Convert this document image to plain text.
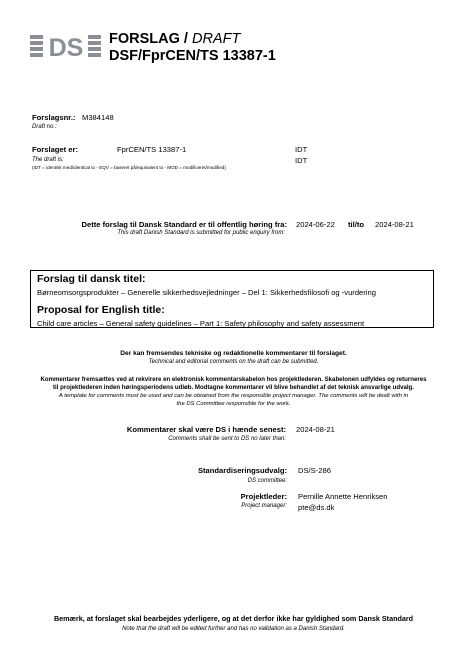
DS FORSLAG / DRAFT
DSF/FprCEN/TS 13387-1
Forslagsnr.: M384148
Draft no.:
Forslaget er:	FprCEN/TS 13387-1	IDT
The draft is:	IDT
(IDT = identisk med/identical to - EQV = baseret på/equivalent to - MOD = modificeret/modified)
Dette forslag til Dansk Standard er til offentlig høring fra:
This draft Danish Standard is submitted for public enquiry from:
2024-06-22 til/to 2024-08-21
Forslag til dansk titel:
Børneomsorgsprodukter – Generelle sikkerhedsvejledninger – Del 1: Sikkerhedsfilosofi og -vurdering
Proposal for English title:
Child care articles – General safety guidelines – Part 1: Safety philosophy and safety assessment
Der kan fremsendes tekniske og redaktionelle kommentarer til forslaget.
Technical and editorial comments on the draft can be submitted.
Kommentarer fremsættes ved at rekvirere en elektronisk kommentarskabelon hos projektlederen. Skabelonen udfyldes og returneres
til projektlederen inden høringsperiodens udløb. Modtagne kommentarer vil blive behandlet af det teknisk ansvarlige udvalg.
A template for comments must be used and can be obtained from the responsible project manager. The comments will be dealt with in
the DS Committee responsible for the work.
Kommentarer skal være DS i hænde senest:
Comments shall be sent to DS no later than:
2024-08-21
Standardiseringsudvalg:
DS committee:
DS/S-286
Projektleder:
Project manager:
Pernille Annette Henriksen
pte@ds.dk
Bemærk, at forslaget skal bearbejdes yderligere, og at det derfor ikke har gyldighed som Dansk Standard
Note that the draft will be edited further and has no validation as a Danish Standard.
